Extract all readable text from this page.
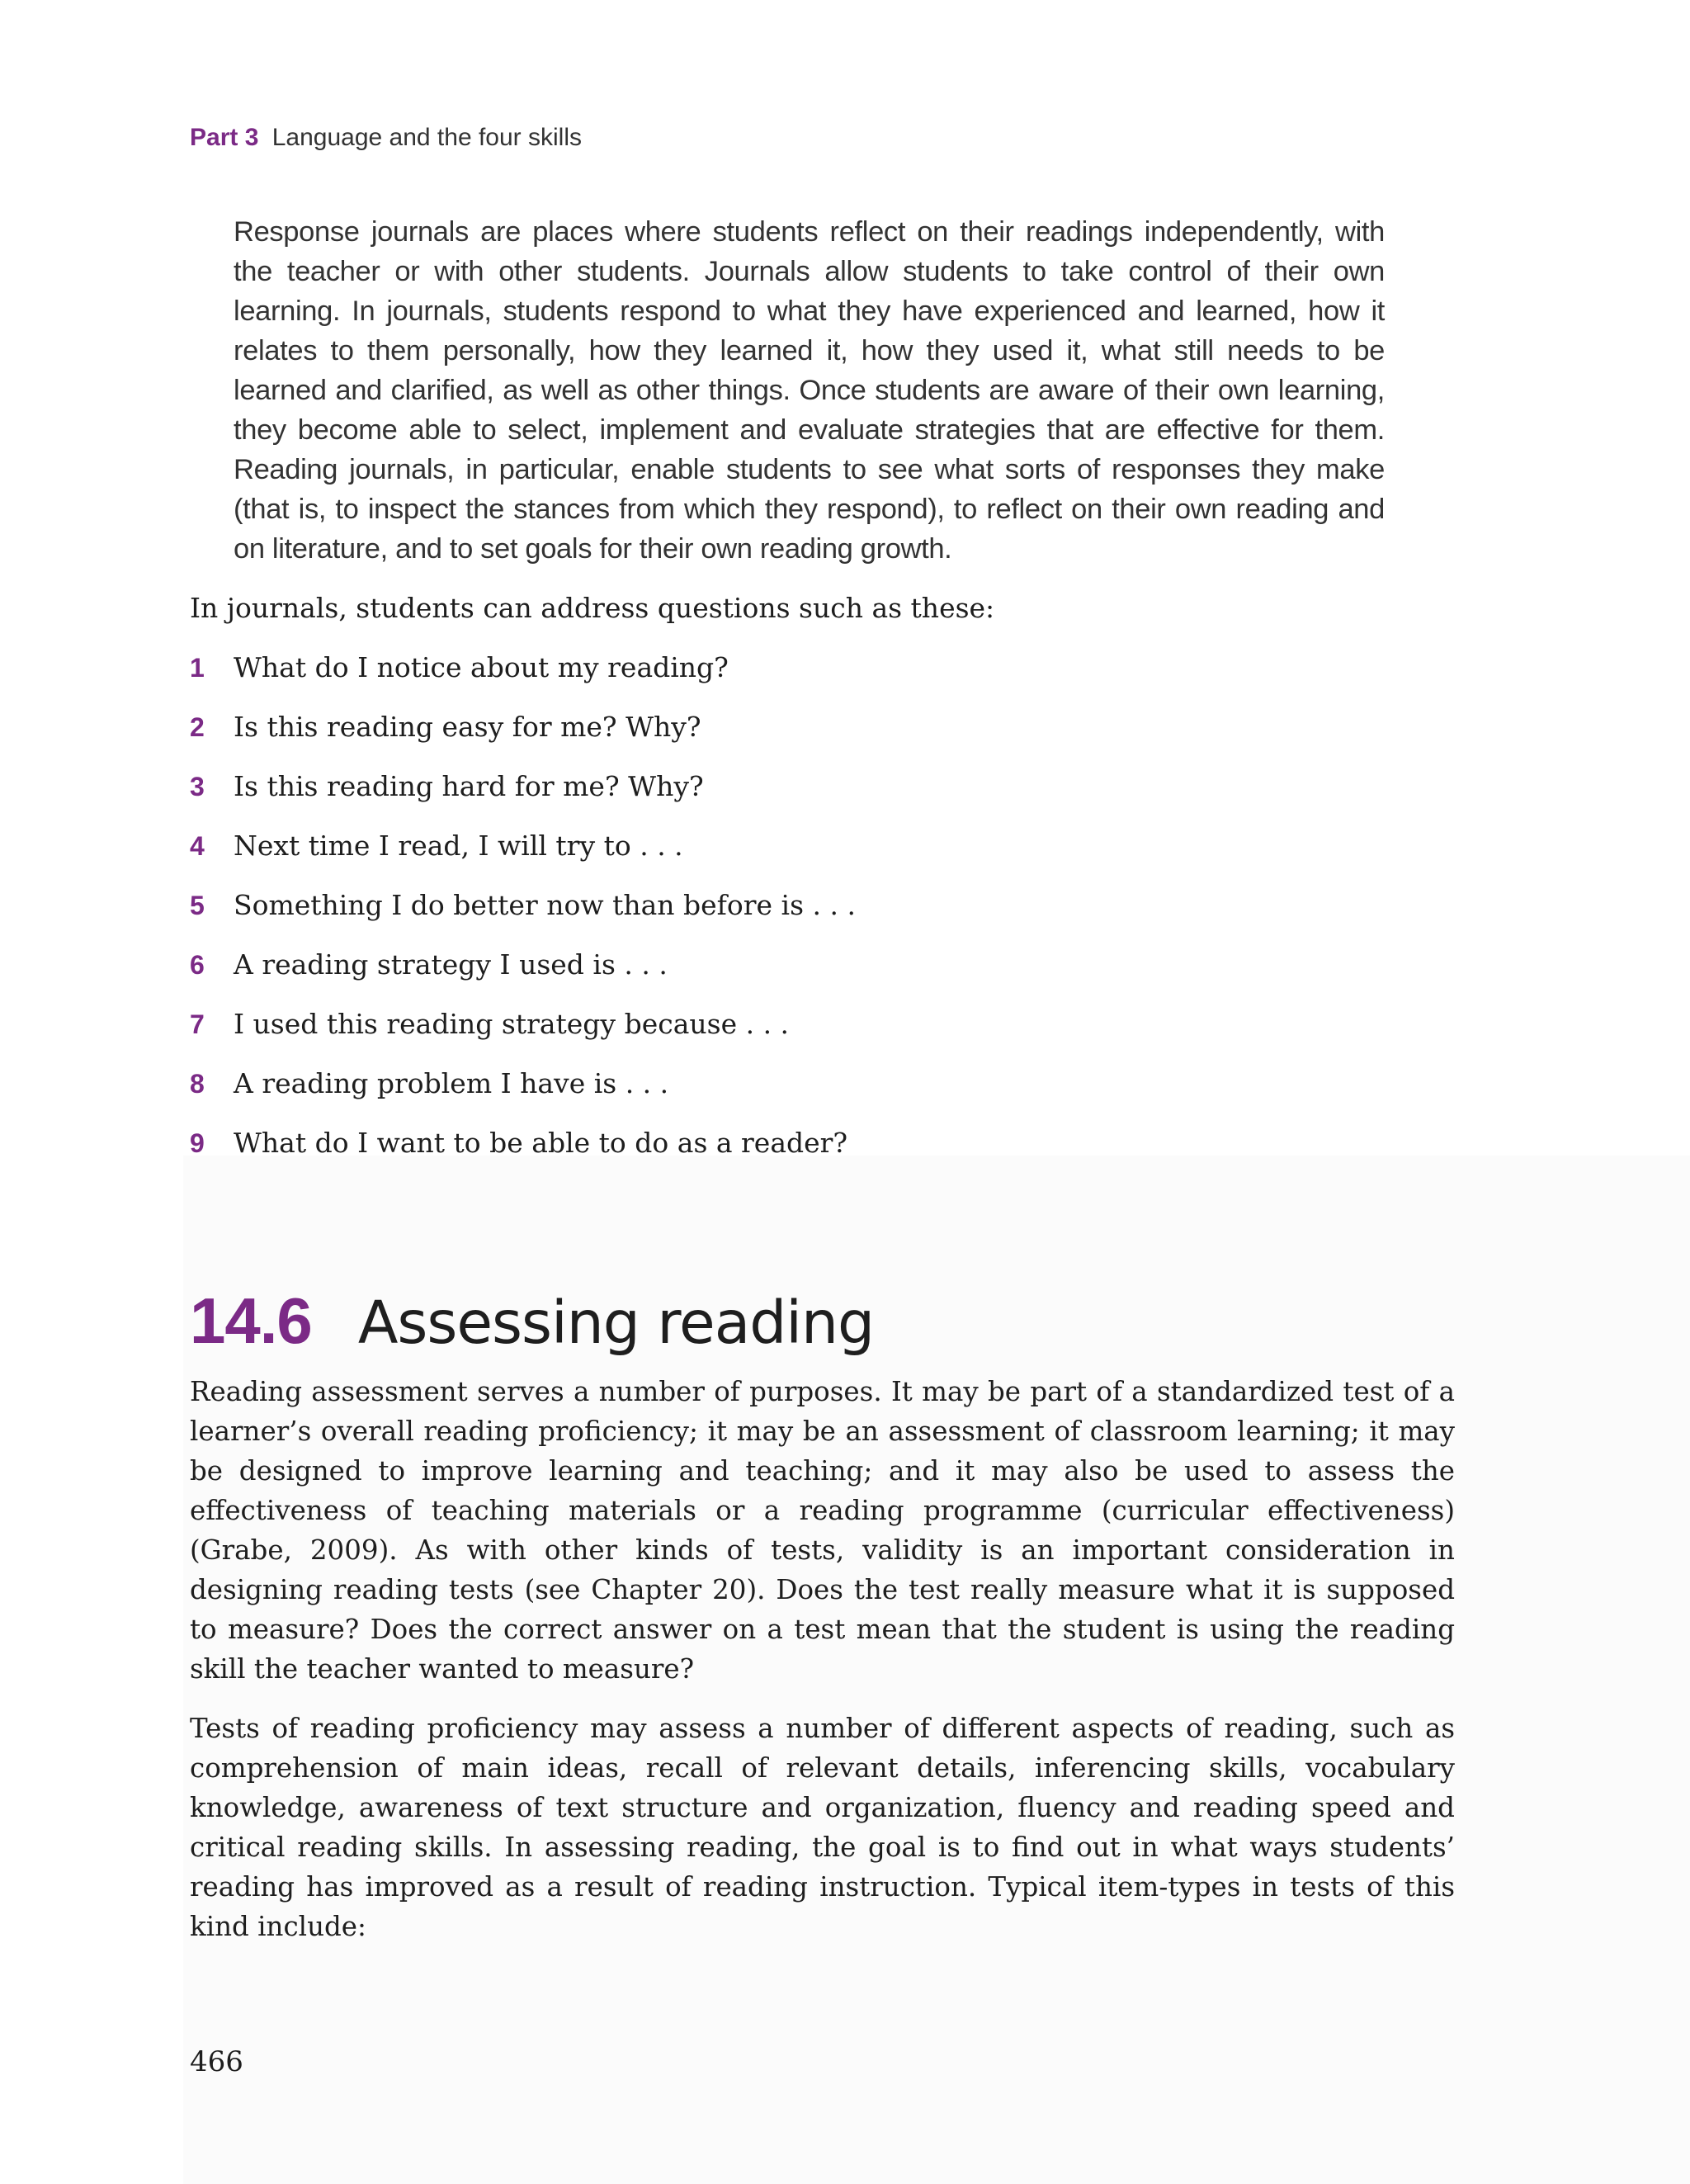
Part 3 Language and the four skills

Response journals are places where students reflect on their readings independently, with the teacher or with other students. Journals allow students to take control of their own learning. In journals, students respond to what they have experienced and learned, how it relates to them personally, how they learned it, how they used it, what still needs to be learned and clarified, as well as other things. Once students are aware of their own learning, they become able to select, implement and evaluate strategies that are effective for them. Reading journals, in particular, enable students to see what sorts of responses they make (that is, to inspect the stances from which they respond), to reflect on their own reading and on literature, and to set goals for their own reading growth.

In journals, students can address questions such as these:

1 What do I notice about my reading?
2 Is this reading easy for me? Why?
3 Is this reading hard for me? Why?
4 Next time I read, I will try to . . .
5 Something I do better now than before is . . .
6 A reading strategy I used is . . .
7 I used this reading strategy because . . .
8 A reading problem I have is . . .
9 What do I want to be able to do as a reader?
14.6 Assessing reading

Reading assessment serves a number of purposes. It may be part of a standardized test of a learner’s overall reading proficiency; it may be an assessment of classroom learning; it may be designed to improve learning and teaching; and it may also be used to assess the effectiveness of teaching materials or a reading programme (curricular effectiveness) (Grabe, 2009). As with other kinds of tests, validity is an important consideration in designing reading tests (see Chapter 20). Does the test really measure what it is supposed to measure? Does the correct answer on a test mean that the student is using the reading skill the teacher wanted to measure?

Tests of reading proficiency may assess a number of different aspects of reading, such as comprehension of main ideas, recall of relevant details, inferencing skills, vocabulary knowledge, awareness of text structure and organization, fluency and reading speed and critical reading skills. In assessing reading, the goal is to find out in what ways students’ reading has improved as a result of reading instruction. Typical item-types in tests of this kind include:

466
